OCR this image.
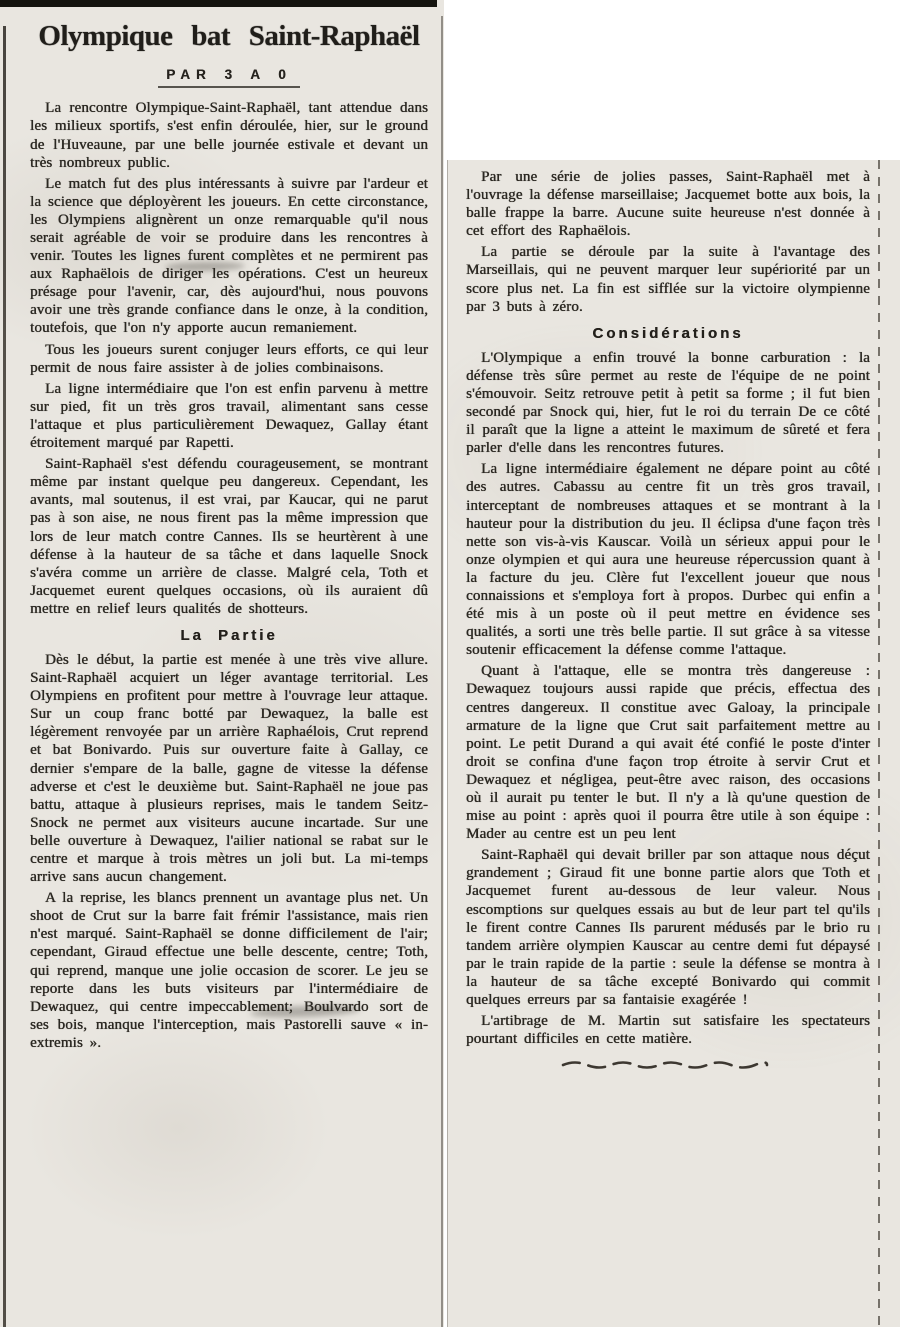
Olympique bat Saint-Raphaël
PAR 3 A 0

La rencontre Olympique-Saint-Raphaël, tant attendue dans les milieux sportifs, s'est enfin déroulée, hier, sur le ground de l'Huveaune, par une belle journée estivale et devant un très nombreux public.

Le match fut des plus intéressants à suivre par l'ardeur et la science que déployèrent les joueurs. En cette circonstance, les Olympiens alignèrent un onze remarquable qu'il nous serait agréable de voir se produire dans les rencontres à venir. Toutes les lignes furent complètes et ne permirent pas aux Raphaëlois de diriger les opérations. C'est un heureux présage pour l'avenir, car, dès aujourd'hui, nous pouvons avoir une très grande confiance dans le onze, à la condition, toutefois, que l'on n'y apporte aucun remaniement.

Tous les joueurs surent conjuger leurs efforts, ce qui leur permit de nous faire assister à de jolies combinaisons.

La ligne intermédiaire que l'on est enfin parvenu à mettre sur pied, fit un très gros travail, alimentant sans cesse l'attaque et plus particulièrement Dewaquez, Gallay étant étroitement marqué par Rapetti.

Saint-Raphaël s'est défendu courageusement, se montrant même par instant quelque peu dangereux. Cependant, les avants, mal soutenus, il est vrai, par Kaucar, qui ne parut pas à son aise, ne nous firent pas la même impression que lors de leur match contre Cannes. Ils se heurtèrent à une défense à la hauteur de sa tâche et dans laquelle Snock s'avéra comme un arrière de classe. Malgré cela, Toth et Jacquemet eurent quelques occasions, où ils auraient dû mettre en relief leurs qualités de shotteurs.

La Partie

Dès le début, la partie est menée à une très vive allure. Saint-Raphaël acquiert un léger avantage territorial. Les Olympiens en profitent pour mettre à l'ouvrage leur attaque. Sur un coup franc botté par Dewaquez, la balle est légèrement renvoyée par un arrière Raphaélois, Crut reprend et bat Bonivardo. Puis sur ouverture faite à Gallay, ce dernier s'empare de la balle, gagne de vitesse la défense adverse et c'est le deuxième but. Saint-Raphaël ne joue pas battu, attaque à plusieurs reprises, mais le tandem Seitz-Snock ne permet aux visiteurs aucune incartade. Sur une belle ouverture à Dewaquez, l'ailier national se rabat sur le centre et marque à trois mètres un joli but. La mi-temps arrive sans aucun changement.

A la reprise, les blancs prennent un avantage plus net. Un shoot de Crut sur la barre fait frémir l'assistance, mais rien n'est marqué. Saint-Raphaël se donne difficilement de l'air; cependant, Giraud effectue une belle descente, centre; Toth, qui reprend, manque une jolie occasion de scorer. Le jeu se reporte dans les buts visiteurs par l'intermédiaire de Dewaquez, qui centre impeccablement; Boulvardo sort de ses bois, manque l'interception, mais Pastorelli sauve « in-extremis ».

Par une série de jolies passes, Saint-Raphaël met à l'ouvrage la défense marseillaise; Jacquemet botte aux bois, la balle frappe la barre. Aucune suite heureuse n'est donnée à cet effort des Raphaëlois.

La partie se déroule par la suite à l'avantage des Marseillais, qui ne peuvent marquer leur supériorité par un score plus net. La fin est sifflée sur la victoire olympienne par 3 buts à zéro.

Considérations

L'Olympique a enfin trouvé la bonne carburation : la défense très sûre permet au reste de l'équipe de ne point s'émouvoir. Seitz retrouve petit à petit sa forme ; il fut bien secondé par Snock qui, hier, fut le roi du terrain De ce côté il paraît que la ligne a atteint le maximum de sûreté et fera parler d'elle dans les rencontres futures.

La ligne intermédiaire également ne dépare point au côté des autres. Cabassu au centre fit un très gros travail, interceptant de nombreuses attaques et se montrant à la hauteur pour la distribution du jeu. Il éclipsa d'une façon très nette son vis-à-vis Kauscar. Voilà un sérieux appui pour le onze olympien et qui aura une heureuse répercussion quant à la facture du jeu. Clère fut l'excellent joueur que nous connaissions et s'employa fort à propos. Durbec qui enfin a été mis à un poste où il peut mettre en évidence ses qualités, a sorti une très belle partie. Il sut grâce à sa vitesse soutenir efficacement la défense comme l'attaque.

Quant à l'attaque, elle se montra très dangereuse : Dewaquez toujours aussi rapide que précis, effectua des centres dangereux. Il constitue avec Galoay, la principale armature de la ligne que Crut sait parfaitement mettre au point. Le petit Durand a qui avait été confié le poste d'inter droit se confina d'une façon trop étroite à servir Crut et Dewaquez et négligea, peut-être avec raison, des occasions où il aurait pu tenter le but. Il n'y a là qu'une question de mise au point : après quoi il pourra être utile à son équipe : Mader au centre est un peu lent

Saint-Raphaël qui devait briller par son attaque nous déçut grandement ; Giraud fit une bonne partie alors que Toth et Jacquemet furent au-dessous de leur valeur. Nous escomptions sur quelques essais au but de leur part tel qu'ils le firent contre Cannes Ils parurent médusés par le brio ru tandem arrière olympien Kauscar au centre demi fut dépaysé par le train rapide de la partie : seule la défense se montra à la hauteur de sa tâche excepté Bonivardo qui commit quelques erreurs par sa fantaisie exagérée !

L'artibrage de M. Martin sut satisfaire les spectateurs pourtant difficiles en cette matière.
